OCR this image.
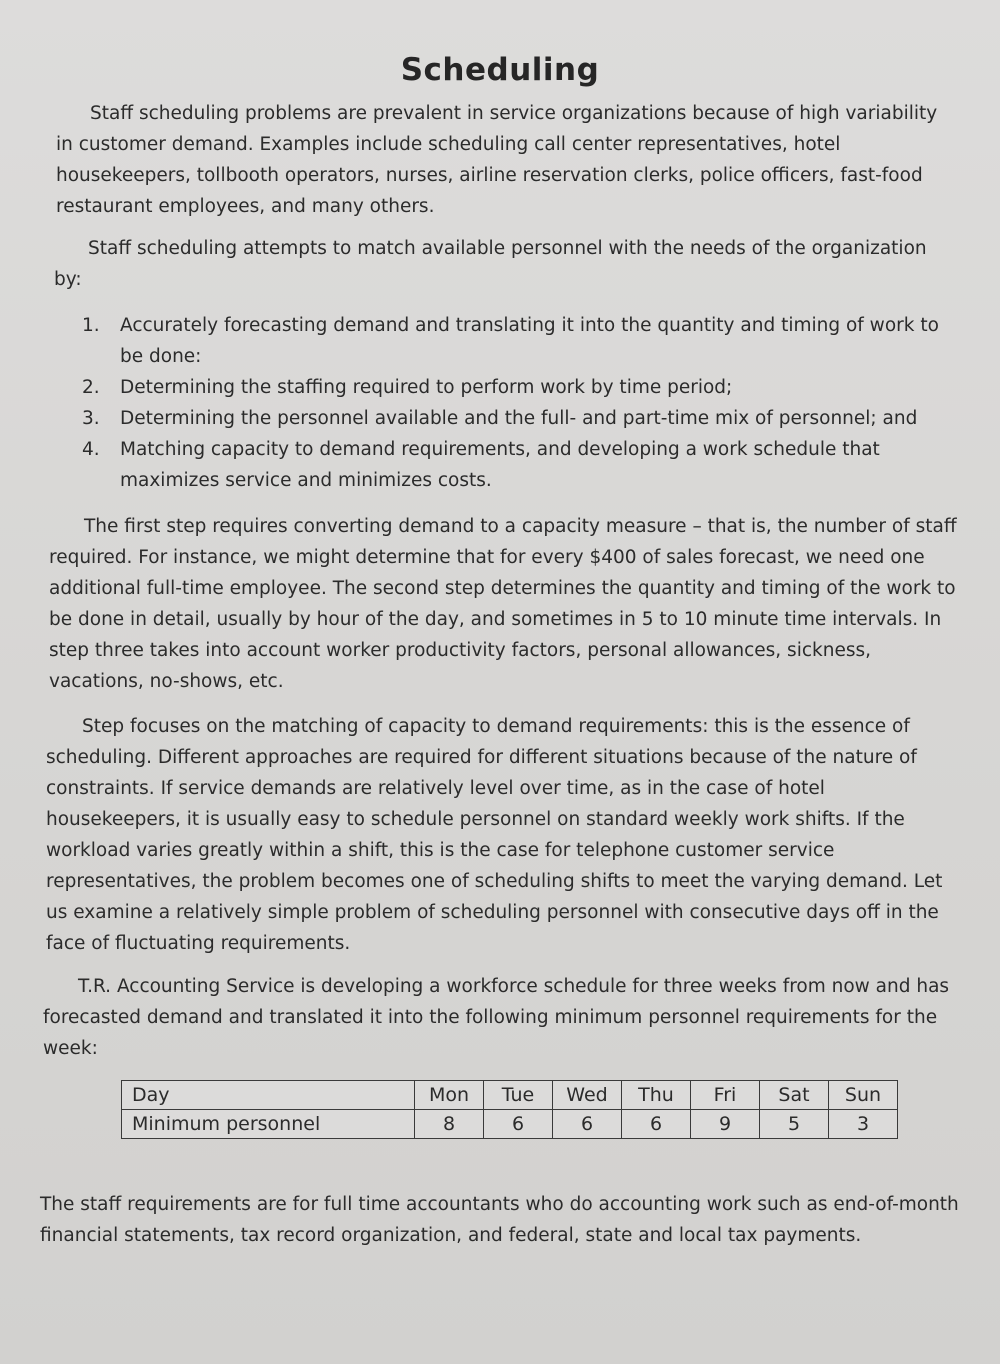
Scheduling

Staff scheduling problems are prevalent in service organizations because of high variability in customer demand. Examples include scheduling call center representatives, hotel housekeepers, tollbooth operators, nurses, airline reservation clerks, police officers, fast-food restaurant employees, and many others.

Staff scheduling attempts to match available personnel with the needs of the organization by:

1. Accurately forecasting demand and translating it into the quantity and timing of work to be done:
2. Determining the staffing required to perform work by time period;
3. Determining the personnel available and the full- and part-time mix of personnel; and
4. Matching capacity to demand requirements, and developing a work schedule that maximizes service and minimizes costs.

The first step requires converting demand to a capacity measure – that is, the number of staff required. For instance, we might determine that for every $400 of sales forecast, we need one additional full-time employee. The second step determines the quantity and timing of the work to be done in detail, usually by hour of the day, and sometimes in 5 to 10 minute time intervals. In step three takes into account worker productivity factors, personal allowances, sickness, vacations, no-shows, etc.

Step focuses on the matching of capacity to demand requirements: this is the essence of scheduling. Different approaches are required for different situations because of the nature of constraints. If service demands are relatively level over time, as in the case of hotel housekeepers, it is usually easy to schedule personnel on standard weekly work shifts. If the workload varies greatly within a shift, this is the case for telephone customer service representatives, the problem becomes one of scheduling shifts to meet the varying demand. Let us examine a relatively simple problem of scheduling personnel with consecutive days off in the face of fluctuating requirements.

T.R. Accounting Service is developing a workforce schedule for three weeks from now and has forecasted demand and translated it into the following minimum personnel requirements for the week:

Day	Mon	Tue	Wed	Thu	Fri	Sat	Sun
Minimum personnel	8	6	6	6	9	5	3

The staff requirements are for full time accountants who do accounting work such as end-of-month financial statements, tax record organization, and federal, state and local tax payments.
